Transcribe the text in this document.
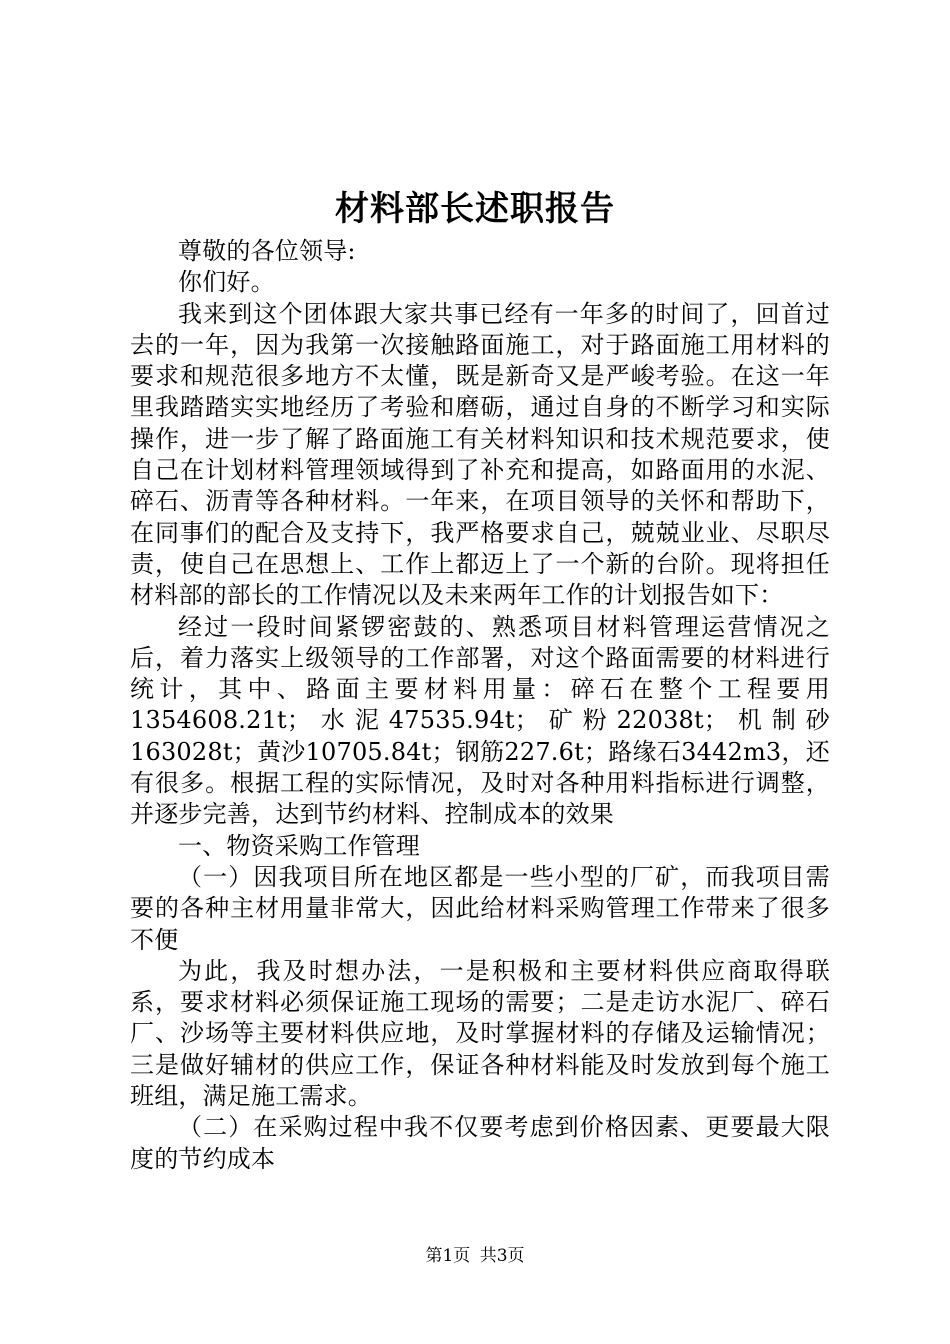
材料部长述职报告

尊敬的各位领导:

你们好。

我来到这个团体跟大家共事已经有一年多的时间了，回首过去的一年，因为我第一次接触路面施工，对于路面施工用材料的要求和规范很多地方不太懂，既是新奇又是严峻考验。在这一年里我踏踏实实地经历了考验和磨砺，通过自身的不断学习和实际操作，进一步了解了路面施工有关材料知识和技术规范要求，使自己在计划材料管理领域得到了补充和提高，如路面用的水泥、碎石、沥青等各种材料。一年来，在项目领导的关怀和帮助下，在同事们的配合及支持下，我严格要求自己，兢兢业业、尽职尽责，使自己在思想上、工作上都迈上了一个新的台阶。现将担任材料部的部长的工作情况以及未来两年工作的计划报告如下：

经过一段时间紧锣密鼓的、熟悉项目材料管理运营情况之后，着力落实上级领导的工作部署，对这个路面需要的材料进行统计，其中、路面主要材料用量：碎石在整个工程要用1354608.21t；水泥47535.94t；矿粉22038t；机制砂163028t；黄沙10705.84t；钢筋227.6t；路缘石3442m3，还有很多。根据工程的实际情况，及时对各种用料指标进行调整，并逐步完善，达到节约材料、控制成本的效果

一、物资采购工作管理

（一）因我项目所在地区都是一些小型的厂矿，而我项目需要的各种主材用量非常大，因此给材料采购管理工作带来了很多不便

为此，我及时想办法，一是积极和主要材料供应商取得联系，要求材料必须保证施工现场的需要；二是走访水泥厂、碎石厂、沙场等主要材料供应地，及时掌握材料的存储及运输情况；三是做好辅材的供应工作，保证各种材料能及时发放到每个施工班组，满足施工需求。

（二）在采购过程中我不仅要考虑到价格因素、更要最大限度的节约成本

第1页 共3页
